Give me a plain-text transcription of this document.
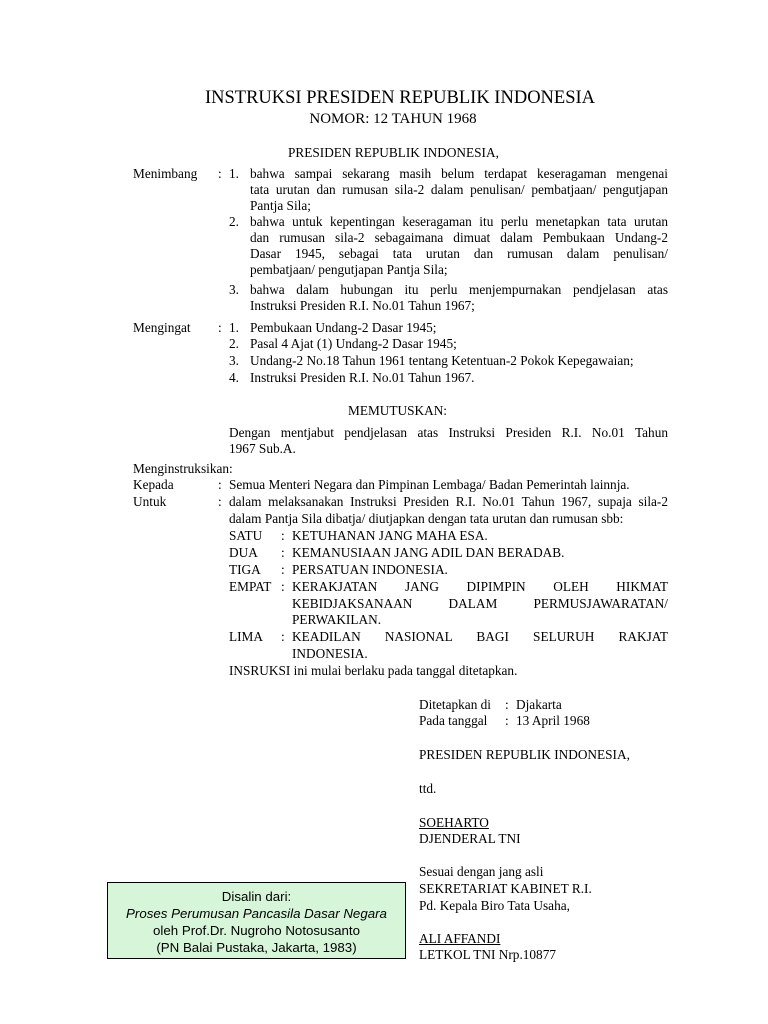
INSTRUKSI PRESIDEN REPUBLIK INDONESIA
NOMOR: 12 TAHUN 1968
PRESIDEN REPUBLIK INDONESIA,
Menimbang : 1. bahwa sampai sekarang masih belum terdapat keseragaman mengenai
tata urutan dan rumusan sila-2 dalam penulisan/ pembatjaan/ pengutjapan
Pantja Sila;
2. bahwa untuk kepentingan keseragaman itu perlu menetapkan tata urutan
dan rumusan sila-2 sebagaimana dimuat dalam Pembukaan Undang-2
Dasar 1945, sebagai tata urutan dan rumusan dalam penulisan/
pembatjaan/ pengutjapan Pantja Sila;
3. bahwa dalam hubungan itu perlu menjempurnakan pendjelasan atas
Instruksi Presiden R.I. No.01 Tahun 1967;
Mengingat : 1. Pembukaan Undang-2 Dasar 1945;
2. Pasal 4 Ajat (1) Undang-2 Dasar 1945;
3. Undang-2 No.18 Tahun 1961 tentang Ketentuan-2 Pokok Kepegawaian;
4. Instruksi Presiden R.I. No.01 Tahun 1967.
MEMUTUSKAN:
Dengan mentjabut pendjelasan atas Instruksi Presiden R.I. No.01 Tahun
1967 Sub.A.
Menginstruksikan:
Kepada	: Semua Menteri Negara dan Pimpinan Lembaga/ Badan Pemerintah lainnja.
Untuk	: dalam melaksanakan Instruksi Presiden R.I. No.01 Tahun 1967, supaja sila-2
dalam Pantja Sila dibatja/ diutjapkan dengan tata urutan dan rumusan sbb:
SATU : KETUHANAN JANG MAHA ESA.
DUA : KEMANUSIAAN JANG ADIL DAN BERADAB.
TIGA : PERSATUAN INDONESIA.
EMPAT : KERAKJATAN JANG DIPIMPIN OLEH HIKMAT
KEBIDJAKSANAAN DALAM PERMUSJAWARATAN/
PERWAKILAN.
LIMA : KEADILAN NASIONAL BAGI SELURUH RAKJAT
INDONESIA.
INSRUKSI ini mulai berlaku pada tanggal ditetapkan.
Ditetapkan di : Djakarta
Pada tanggal : 13 April 1968
PRESIDEN REPUBLIK INDONESIA,
ttd.
SOEHARTO
DJENDERAL TNI
Sesuai dengan jang asli
SEKRETARIAT KABINET R.I.
Pd. Kepala Biro Tata Usaha,
ALI AFFANDI
LETKOL TNI Nrp.10877
Disalin dari:
Proses Perumusan Pancasila Dasar Negara
oleh Prof.Dr. Nugroho Notosusanto
(PN Balai Pustaka, Jakarta, 1983)
